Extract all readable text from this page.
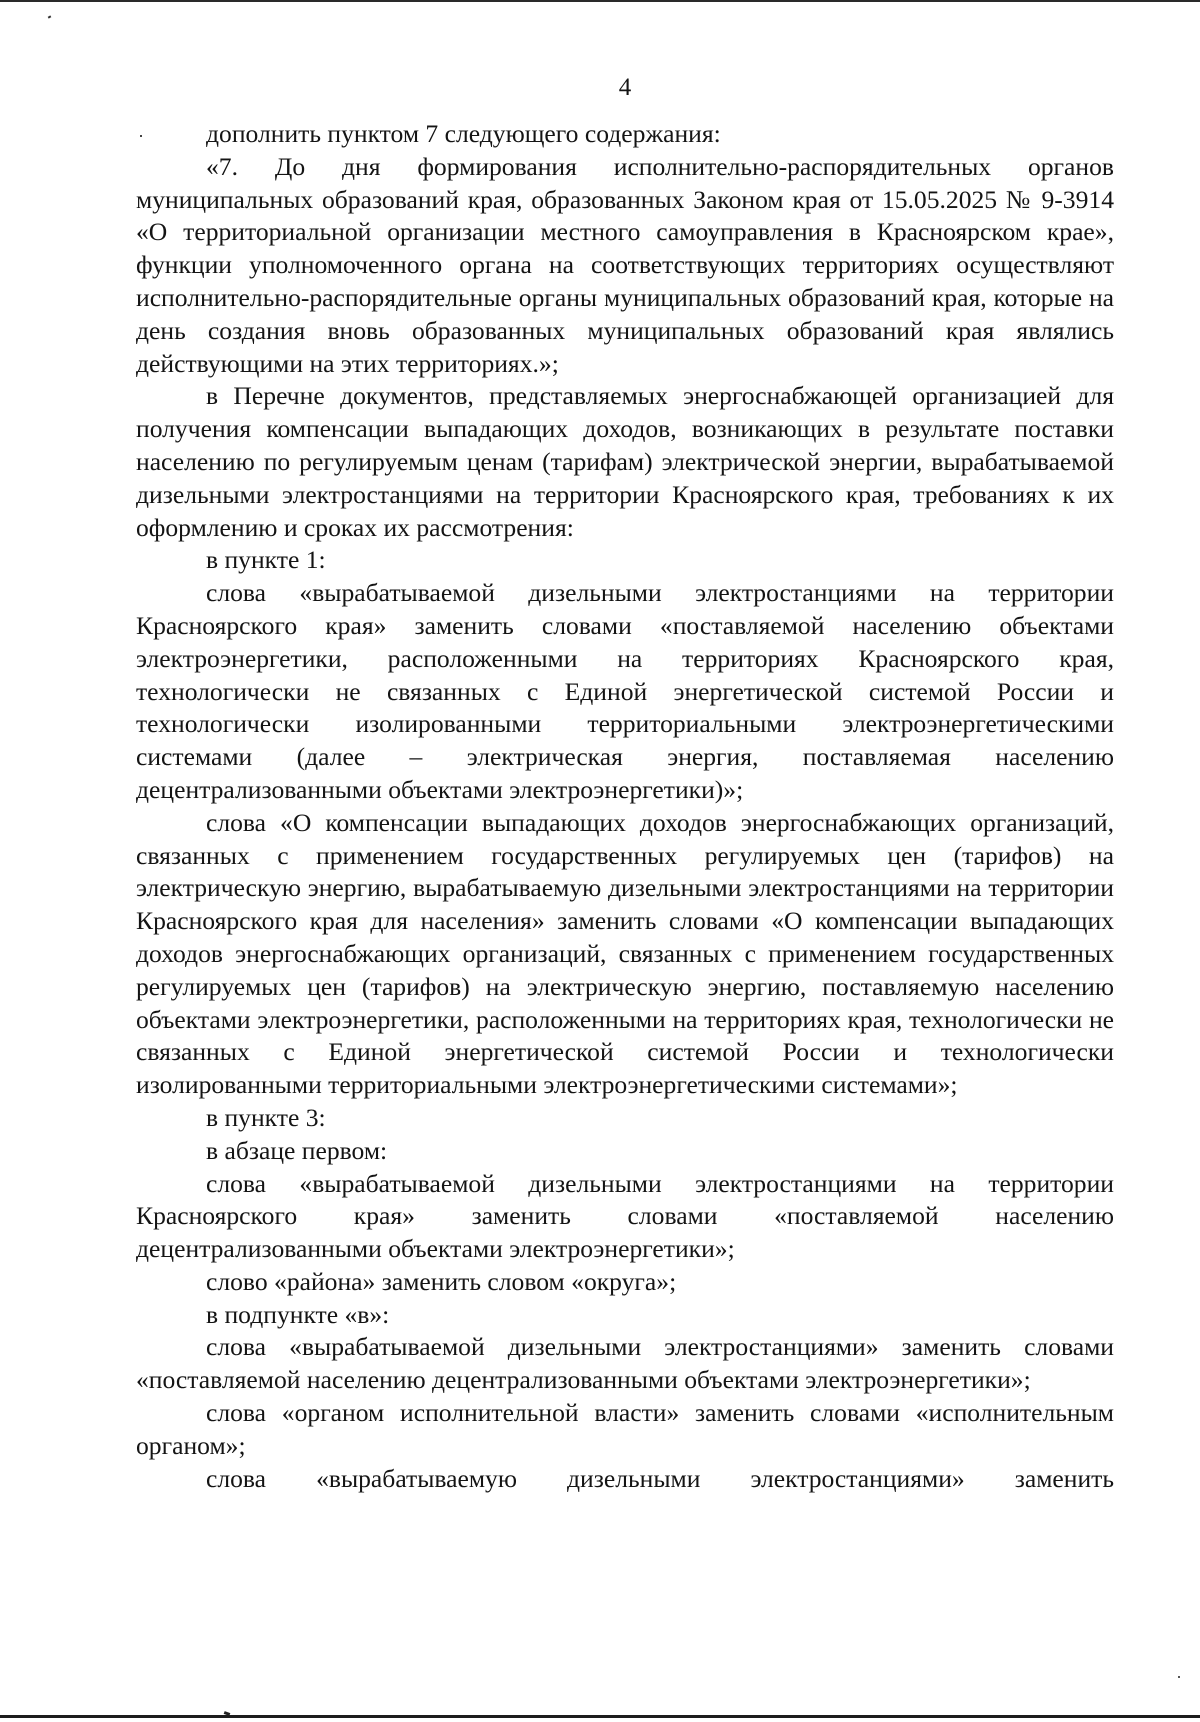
4

дополнить пунктом 7 следующего содержания:

«7. До дня формирования исполнительно-распорядительных органов муниципальных образований края, образованных Законом края от 15.05.2025 № 9-3914 «О территориальной организации местного самоуправления в Красноярском крае», функции уполномоченного органа на соответствующих территориях осуществляют исполнительно-распорядительные органы муниципальных образований края, которые на день создания вновь образованных муниципальных образований края являлись действующими на этих территориях.»;

в Перечне документов, представляемых энергоснабжающей организацией для получения компенсации выпадающих доходов, возникающих в результате поставки населению по регулируемым ценам (тарифам) электрической энергии, вырабатываемой дизельными электростанциями на территории Красноярского края, требованиях к их оформлению и сроках их рассмотрения:

в пункте 1:

слова «вырабатываемой дизельными электростанциями на территории Красноярского края» заменить словами «поставляемой населению объектами электроэнергетики, расположенными на территориях Красноярского края, технологически не связанных с Единой энергетической системой России и технологически изолированными территориальными электроэнергетическими системами (далее – электрическая энергия, поставляемая населению децентрализованными объектами электроэнергетики)»;

слова «О компенсации выпадающих доходов энергоснабжающих организаций, связанных с применением государственных регулируемых цен (тарифов) на электрическую энергию, вырабатываемую дизельными электростанциями на территории Красноярского края для населения» заменить словами «О компенсации выпадающих доходов энергоснабжающих организаций, связанных с применением государственных регулируемых цен (тарифов) на электрическую энергию, поставляемую населению объектами электроэнергетики, расположенными на территориях края, технологически не связанных с Единой энергетической системой России и технологически изолированными территориальными электроэнергетическими системами»;

в пункте 3:

в абзаце первом:

слова «вырабатываемой дизельными электростанциями на территории Красноярского края» заменить словами «поставляемой населению децентрализованными объектами электроэнергетики»;

слово «района» заменить словом «округа»;

в подпункте «в»:

слова «вырабатываемой дизельными электростанциями» заменить словами «поставляемой населению децентрализованными объектами электроэнергетики»;

слова «органом исполнительной власти» заменить словами «исполнительным органом»;

слова «вырабатываемую дизельными электростанциями» заменить
